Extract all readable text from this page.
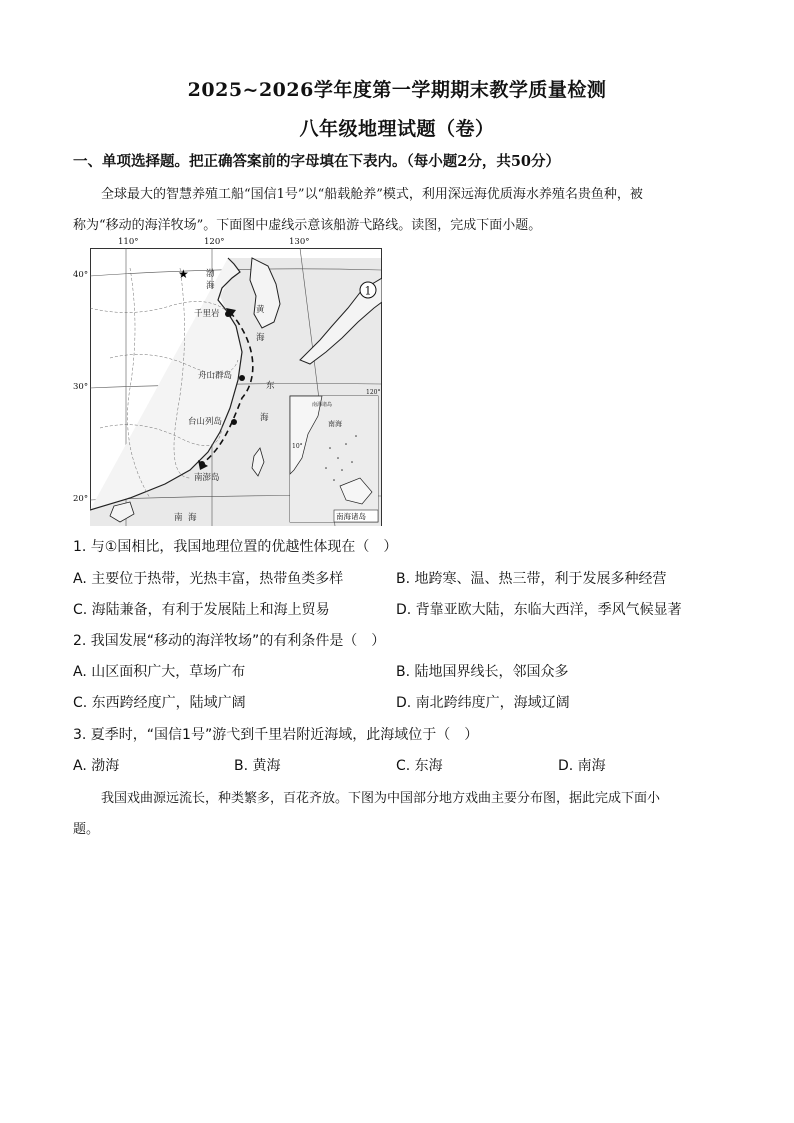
2025~2026学年度第一学期期末教学质量检测
八年级地理试题（卷）
一、单项选择题。把正确答案前的字母填在下表内。（每小题2分，共50分）
全球最大的智慧养殖工船“国信1号”以“船载舱养”模式，利用深远海优质海水养殖名贵鱼种，被
称为“移动的海洋牧场”。下面图中虚线示意该船游弋路线。读图，完成下面小题。
★
120°
10°
南海
南海诸岛
南海诸岛
1
渤
海
黄
海
东
海
千里岩
舟山群岛
台山列岛
南澎岛
南 海
110°	120°	130°
40°
30°
20°
1. 与①国相比，我国地理位置的优越性体现在（　）
A. 主要位于热带，光热丰富，热带鱼类多样	B. 地跨寒、温、热三带，利于发展多种经营
C. 海陆兼备，有利于发展陆上和海上贸易	D. 背靠亚欧大陆，东临大西洋，季风气候显著
2. 我国发展“移动的海洋牧场”的有利条件是（　）
A. 山区面积广大，草场广布	B. 陆地国界线长，邻国众多
C. 东西跨经度广，陆域广阔	D. 南北跨纬度广，海域辽阔
3. 夏季时，“国信1号”游弋到千里岩附近海域，此海域位于（　）
A. 渤海	B. 黄海	C. 东海	D. 南海
我国戏曲源远流长，种类繁多，百花齐放。下图为中国部分地方戏曲主要分布图，据此完成下面小
题。
